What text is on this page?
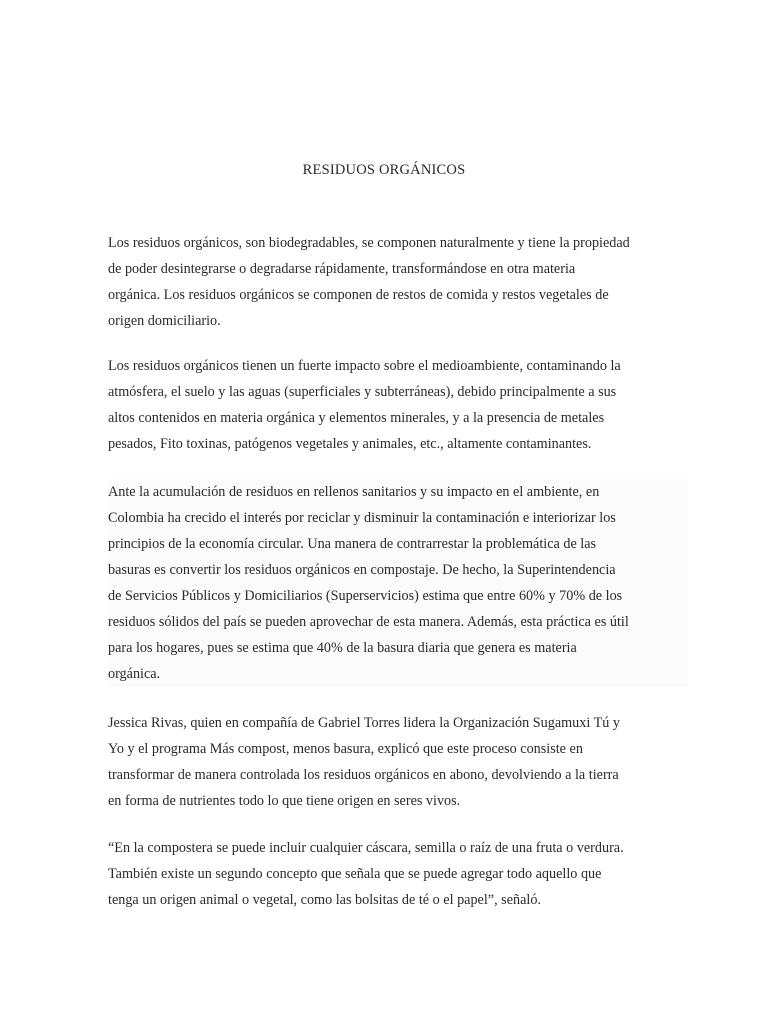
RESIDUOS ORGÁNICOS
Los residuos orgánicos, son biodegradables, se componen naturalmente y tiene la propiedad
de poder desintegrarse o degradarse rápidamente, transformándose en otra materia
orgánica. Los residuos orgánicos se componen de restos de comida y restos vegetales de
origen domiciliario.
Los residuos orgánicos tienen un fuerte impacto sobre el medioambiente, contaminando la
atmósfera, el suelo y las aguas (superficiales y subterráneas), debido principalmente a sus
altos contenidos en materia orgánica y elementos minerales, y a la presencia de metales
pesados, Fito toxinas, patógenos vegetales y animales, etc., altamente contaminantes.
Ante la acumulación de residuos en rellenos sanitarios y su impacto en el ambiente, en
Colombia ha crecido el interés por reciclar y disminuir la contaminación e interiorizar los
principios de la economía circular. Una manera de contrarrestar la problemática de las
basuras es convertir los residuos orgánicos en compostaje. De hecho, la Superintendencia
de Servicios Públicos y Domiciliarios (Superservicios) estima que entre 60% y 70% de los
residuos sólidos del país se pueden aprovechar de esta manera. Además, esta práctica es útil
para los hogares, pues se estima que 40% de la basura diaria que genera es materia
orgánica.
Jessica Rivas, quien en compañía de Gabriel Torres lidera la Organización Sugamuxi Tú y
Yo y el programa Más compost, menos basura, explicó que este proceso consiste en
transformar de manera controlada los residuos orgánicos en abono, devolviendo a la tierra
en forma de nutrientes todo lo que tiene origen en seres vivos.
“En la compostera se puede incluir cualquier cáscara, semilla o raíz de una fruta o verdura.
También existe un segundo concepto que señala que se puede agregar todo aquello que
tenga un origen animal o vegetal, como las bolsitas de té o el papel”, señaló.
